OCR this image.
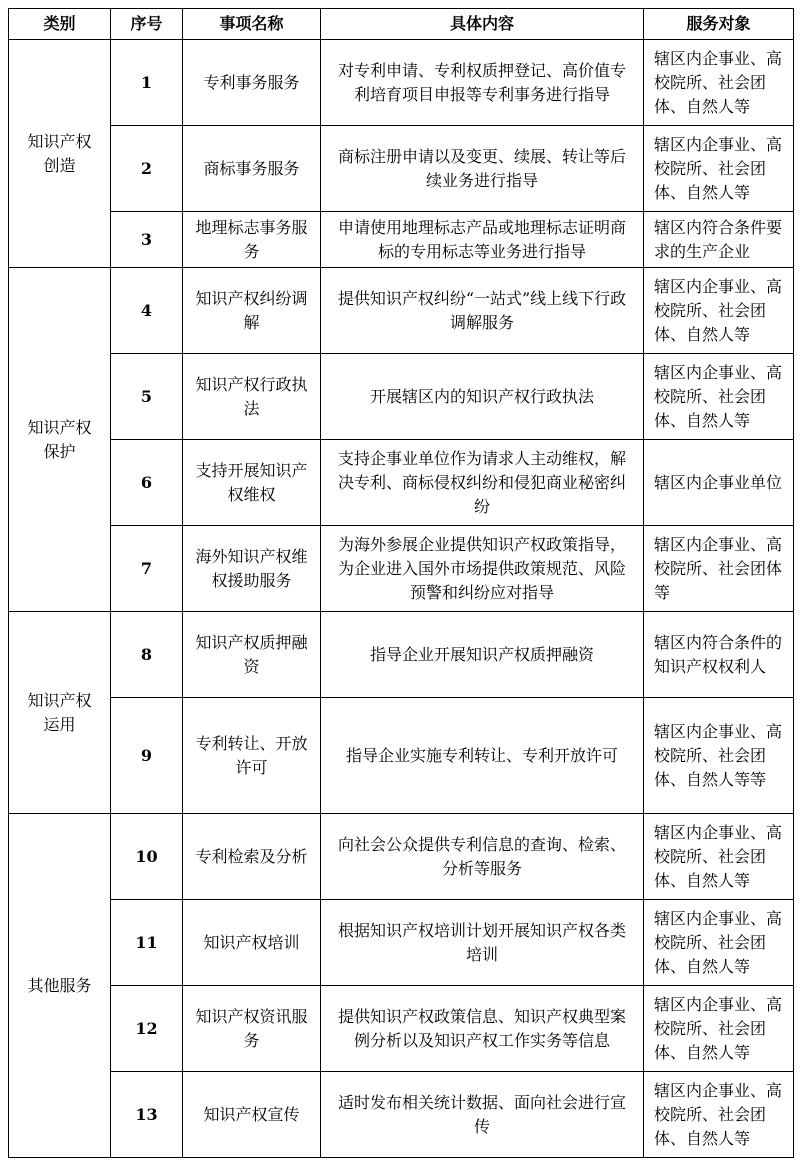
类别	序号	事项名称	具体内容	服务对象
知识产权创造	1	专利事务服务	对专利申请、专利权质押登记、高价值专利培育项目申报等专利事务进行指导	辖区内企事业、高校院所、社会团体、自然人等
	2	商标事务服务	商标注册申请以及变更、续展、转让等后续业务进行指导	辖区内企事业、高校院所、社会团体、自然人等
	3	地理标志事务服务	申请使用地理标志产品或地理标志证明商标的专用标志等业务进行指导	辖区内符合条件要求的生产企业
知识产权保护	4	知识产权纠纷调解	提供知识产权纠纷“一站式”线上线下行政调解服务	辖区内企事业、高校院所、社会团体、自然人等
	5	知识产权行政执法	开展辖区内的知识产权行政执法	辖区内企事业、高校院所、社会团体、自然人等
	6	支持开展知识产权维权	支持企事业单位作为请求人主动维权，解决专利、商标侵权纠纷和侵犯商业秘密纠纷	辖区内企事业单位
	7	海外知识产权维权援助服务	为海外参展企业提供知识产权政策指导，为企业进入国外市场提供政策规范、风险预警和纠纷应对指导	辖区内企事业、高校院所、社会团体等
知识产权运用	8	知识产权质押融资	指导企业开展知识产权质押融资	辖区内符合条件的知识产权权利人
	9	专利转让、开放许可	指导企业实施专利转让、专利开放许可	辖区内企事业、高校院所、社会团体、自然人等等
其他服务	10	专利检索及分析	向社会公众提供专利信息的查询、检索、分析等服务	辖区内企事业、高校院所、社会团体、自然人等
	11	知识产权培训	根据知识产权培训计划开展知识产权各类培训	辖区内企事业、高校院所、社会团体、自然人等
	12	知识产权资讯服务	提供知识产权政策信息、知识产权典型案例分析以及知识产权工作实务等信息	辖区内企事业、高校院所、社会团体、自然人等
	13	知识产权宣传	适时发布相关统计数据、面向社会进行宣传	辖区内企事业、高校院所、社会团体、自然人等
